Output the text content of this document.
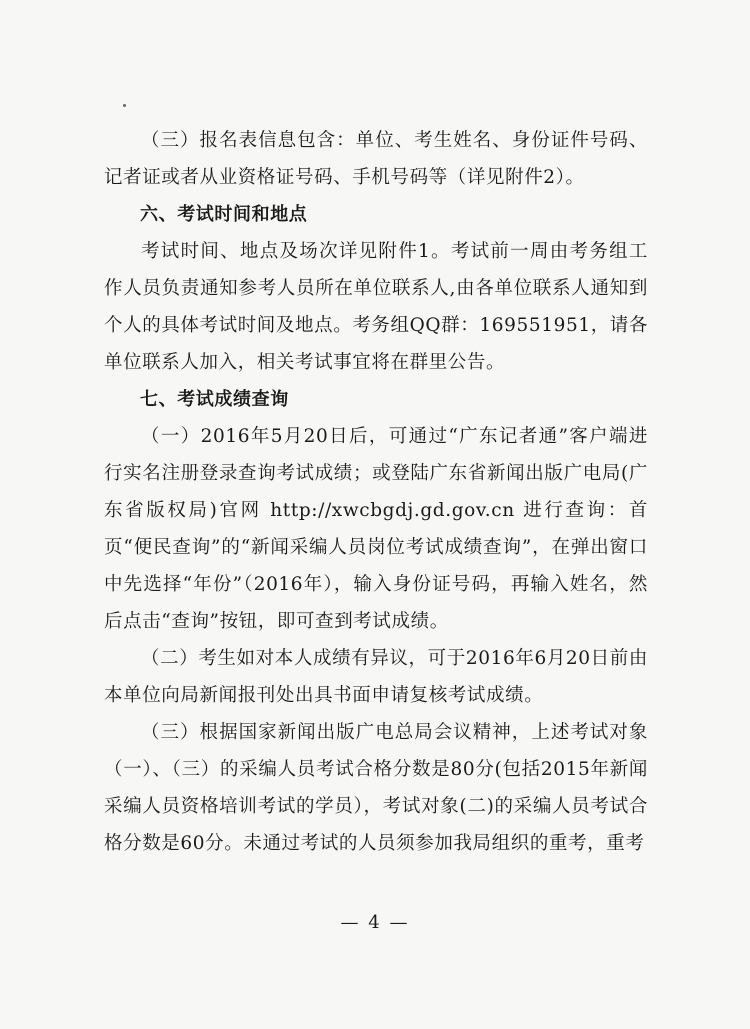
（三）报名表信息包含：单位、考生姓名、身份证件号码、记者证或者从业资格证号码、手机号码等（详见附件2）。

六、考试时间和地点

考试时间、地点及场次详见附件1。考试前一周由考务组工作人员负责通知参考人员所在单位联系人,由各单位联系人通知到个人的具体考试时间及地点。考务组QQ群：169551951，请各单位联系人加入，相关考试事宜将在群里公告。

七、考试成绩查询

（一）2016年5月20日后，可通过“广东记者通”客户端进行实名注册登录查询考试成绩；或登陆广东省新闻出版广电局(广东省版权局)官网 http://xwcbgdj.gd.gov.cn 进行查询：首页“便民查询”的“新闻采编人员岗位考试成绩查询”，在弹出窗口中先选择“年份”（2016年），输入身份证号码，再输入姓名，然后点击“查询”按钮，即可查到考试成绩。

（二）考生如对本人成绩有异议，可于2016年6月20日前由本单位向局新闻报刊处出具书面申请复核考试成绩。

（三）根据国家新闻出版广电总局会议精神，上述考试对象（一）、（三）的采编人员考试合格分数是80分(包括2015年新闻采编人员资格培训考试的学员），考试对象(二)的采编人员考试合格分数是60分。未通过考试的人员须参加我局组织的重考，重考

— 4 —
